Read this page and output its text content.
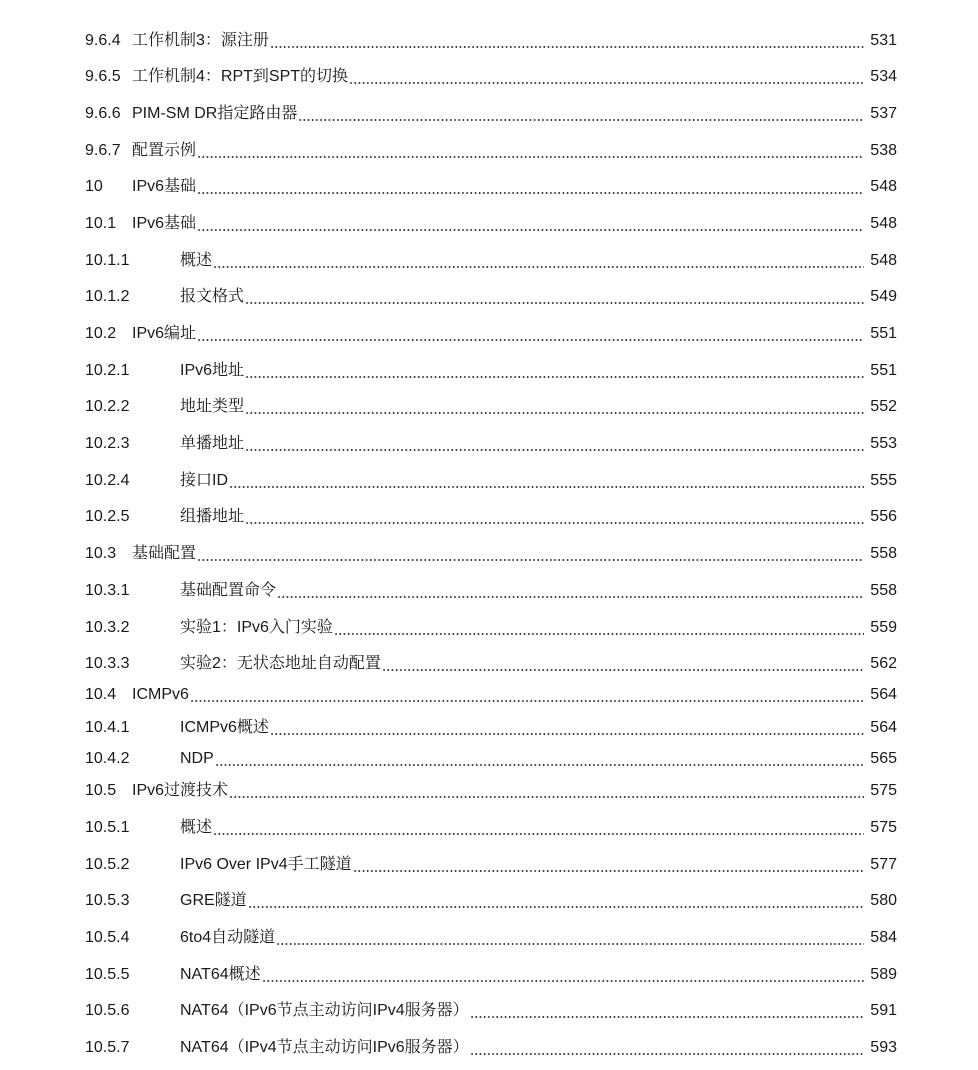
9.6.4 工作机制3：源注册	531
9.6.5 工作机制4：RPT到SPT的切换	534
9.6.6 PIM-SM DR指定路由器	537
9.6.7 配置示例	538
10	IPv6基础	548
10.1 IPv6基础	548
10.1.1	概述	548
10.1.2	报文格式	549
10.2 IPv6编址	551
10.2.1	IPv6地址	551
10.2.2	地址类型	552
10.2.3	单播地址	553
10.2.4	接口ID	555
10.2.5	组播地址	556
10.3 基础配置	558
10.3.1	基础配置命令	558
10.3.2	实验1：IPv6入门实验	559
10.3.3	实验2：无状态地址自动配置	562
10.4 ICMPv6	564
10.4.1	ICMPv6概述	564
10.4.2	NDP	565
10.5 IPv6过渡技术	575
10.5.1	概述	575
10.5.2	IPv6 Over IPv4手工隧道	577
10.5.3	GRE隧道	580
10.5.4	6to4自动隧道	584
10.5.5	NAT64概述	589
10.5.6	NAT64（IPv6节点主动访问IPv4服务器）	591
10.5.7	NAT64（IPv4节点主动访问IPv6服务器）	593
